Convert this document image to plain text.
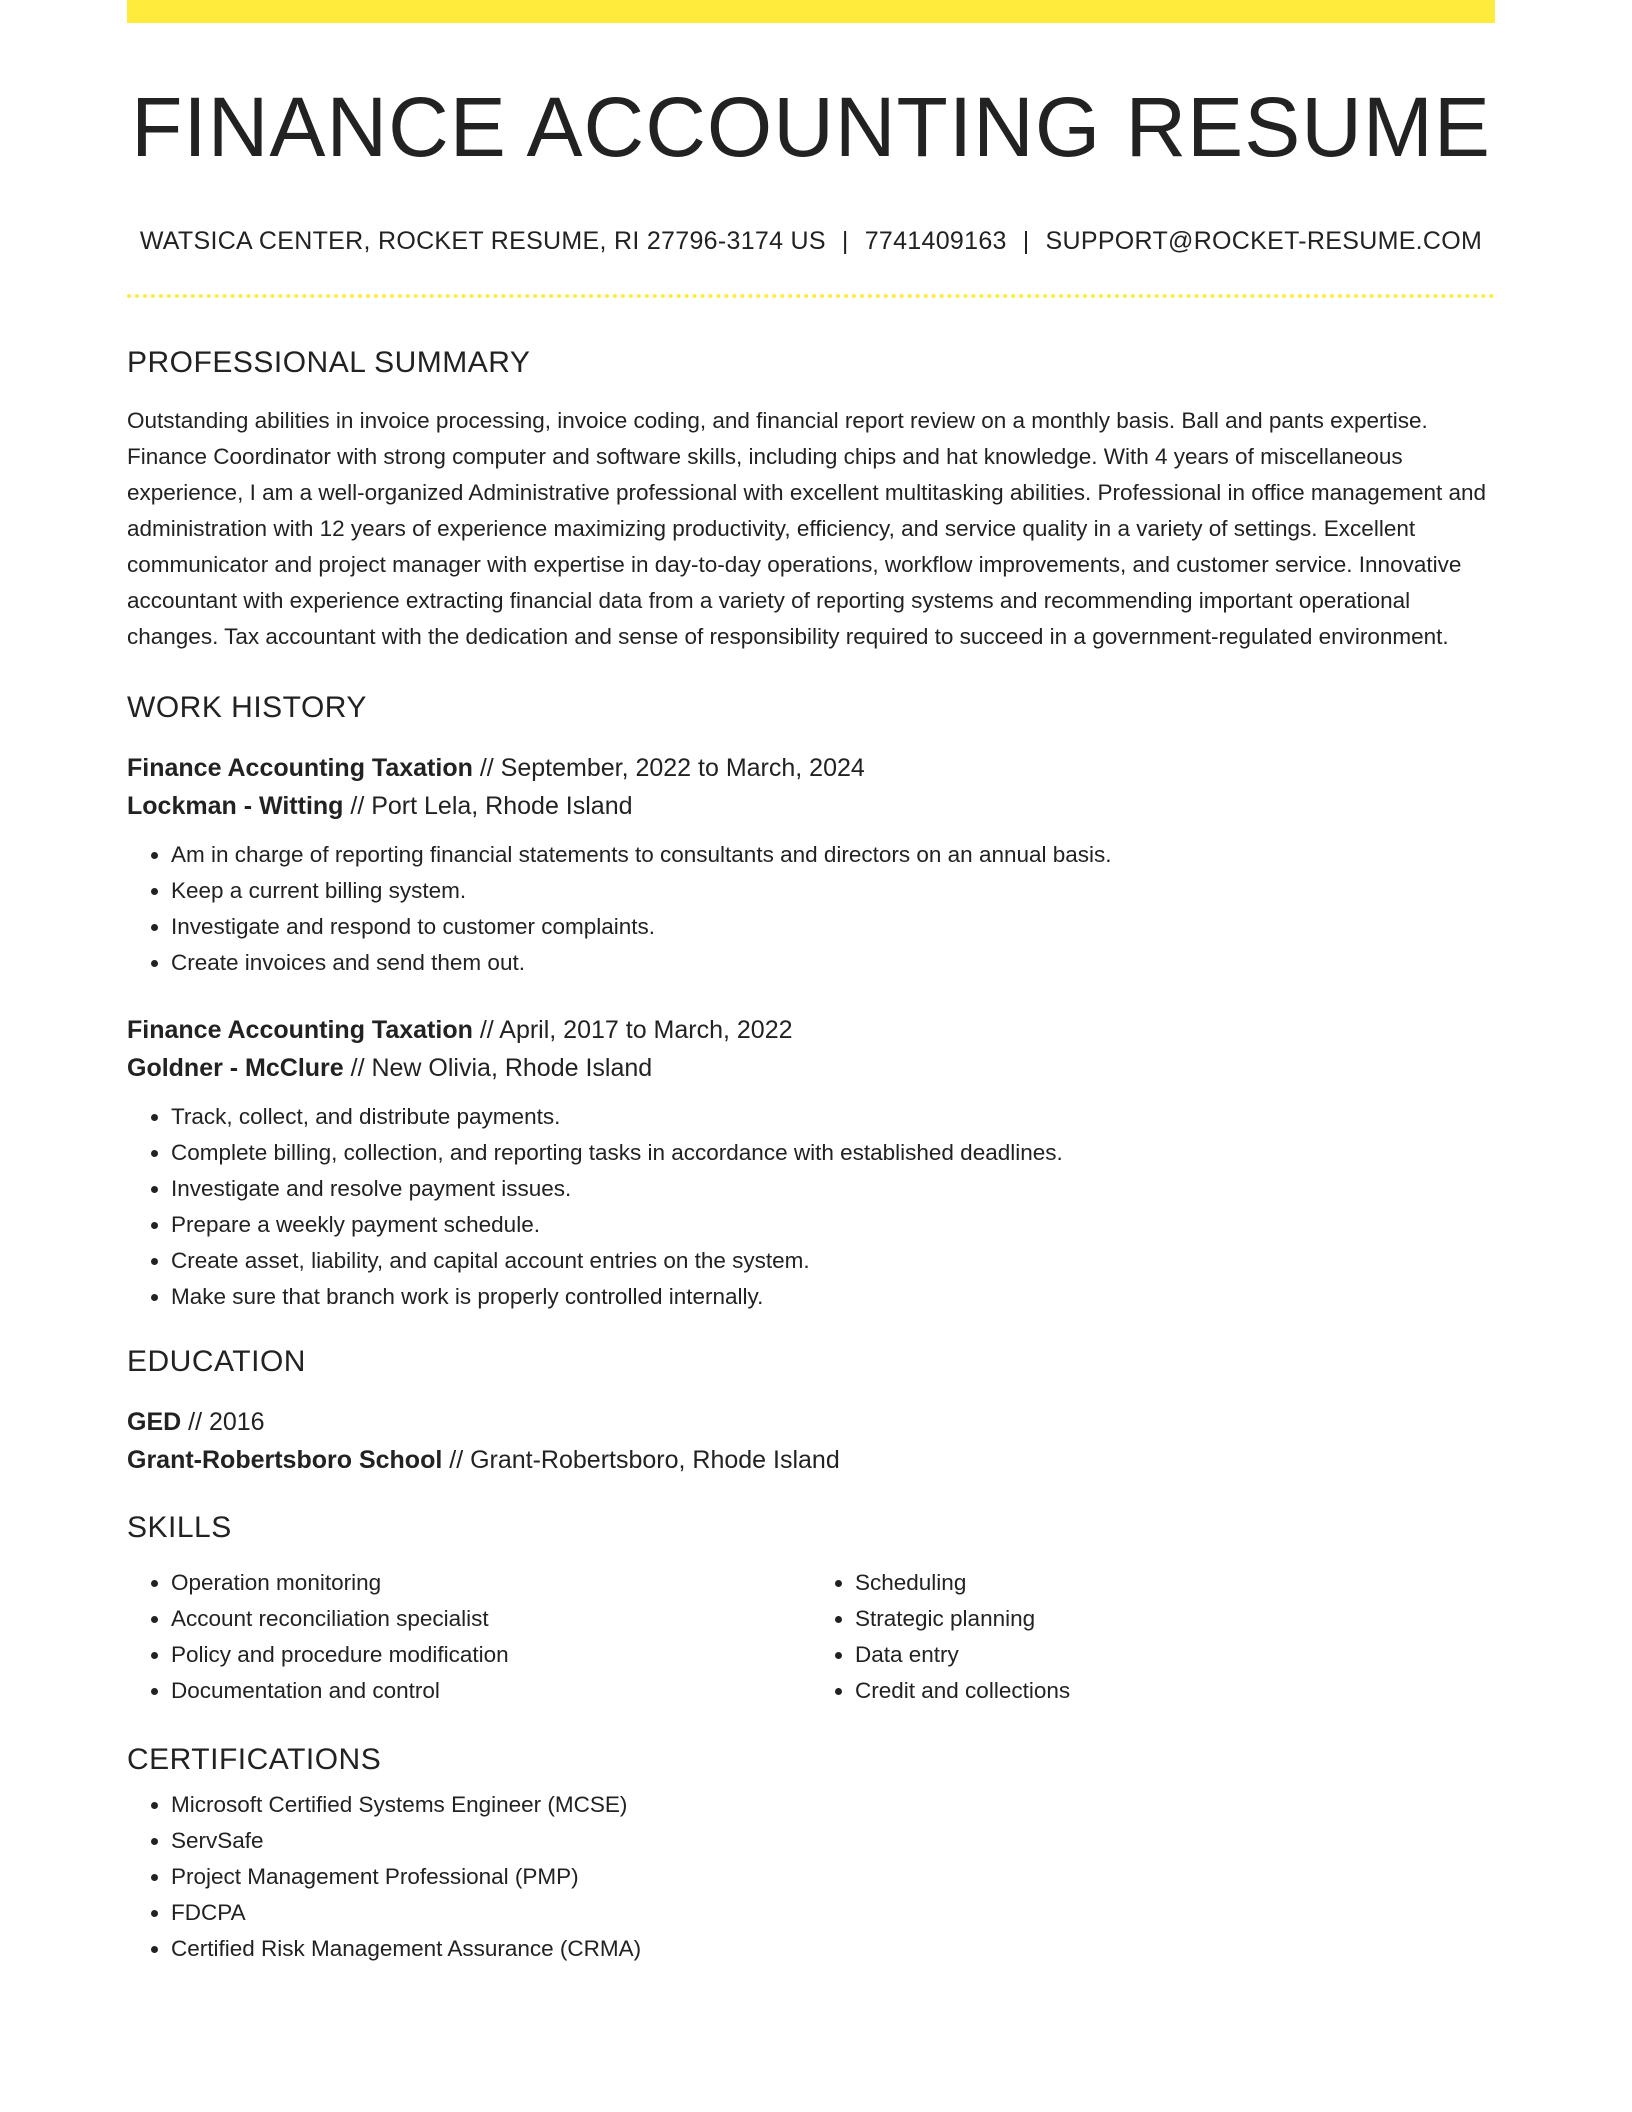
FINANCE ACCOUNTING RESUME
WATSICA CENTER, ROCKET RESUME, RI 27796-3174 US | 7741409163 | SUPPORT@ROCKET-RESUME.COM
PROFESSIONAL SUMMARY

Outstanding abilities in invoice processing, invoice coding, and financial report review on a monthly basis. Ball and pants expertise. Finance Coordinator with strong computer and software skills, including chips and hat knowledge. With 4 years of miscellaneous experience, I am a well-organized Administrative professional with excellent multitasking abilities. Professional in office management and administration with 12 years of experience maximizing productivity, efficiency, and service quality in a variety of settings. Excellent communicator and project manager with expertise in day-to-day operations, workflow improvements, and customer service. Innovative accountant with experience extracting financial data from a variety of reporting systems and recommending important operational changes. Tax accountant with the dedication and sense of responsibility required to succeed in a government-regulated environment.

WORK HISTORY
Finance Accounting Taxation // September, 2022 to March, 2024
Lockman - Witting // Port Lela, Rhode Island
• Am in charge of reporting financial statements to consultants and directors on an annual basis.
• Keep a current billing system.
• Investigate and respond to customer complaints.
• Create invoices and send them out.
Finance Accounting Taxation // April, 2017 to March, 2022
Goldner - McClure // New Olivia, Rhode Island
• Track, collect, and distribute payments.
• Complete billing, collection, and reporting tasks in accordance with established deadlines.
• Investigate and resolve payment issues.
• Prepare a weekly payment schedule.
• Create asset, liability, and capital account entries on the system.
• Make sure that branch work is properly controlled internally.
EDUCATION
GED // 2016
Grant-Robertsboro School // Grant-Robertsboro, Rhode Island
SKILLS
• Operation monitoring
• Account reconciliation specialist
• Policy and procedure modification
• Documentation and control
• Scheduling
• Strategic planning
• Data entry
• Credit and collections
CERTIFICATIONS
• Microsoft Certified Systems Engineer (MCSE)
• ServSafe
• Project Management Professional (PMP)
• FDCPA
• Certified Risk Management Assurance (CRMA)
